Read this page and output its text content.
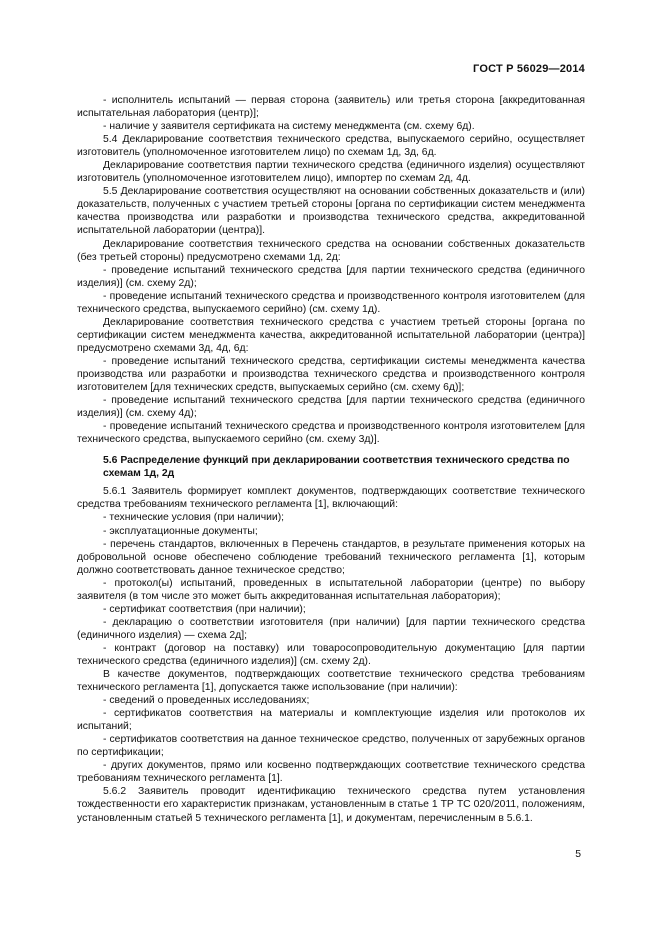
ГОСТ Р 56029—2014

- исполнитель испытаний — первая сторона (заявитель) или третья сторона [аккредитованная испытательная лаборатория (центр)];

- наличие у заявителя сертификата на систему менеджмента (см. схему 6д).

5.4 Декларирование соответствия технического средства, выпускаемого серийно, осуществляет изготовитель (уполномоченное изготовителем лицо) по схемам 1д, 3д, 6д.

Декларирование соответствия партии технического средства (единичного изделия) осуществляют изготовитель (уполномоченное изготовителем лицо), импортер по схемам 2д, 4д.

5.5 Декларирование соответствия осуществляют на основании собственных доказательств и (или) доказательств, полученных с участием третьей стороны [органа по сертификации систем менеджмента качества производства или разработки и производства технического средства, аккредитованной испытательной лаборатории (центра)].

Декларирование соответствия технического средства на основании собственных доказательств (без третьей стороны) предусмотрено схемами 1д, 2д:

- проведение испытаний технического средства [для партии технического средства (единичного изделия)] (см. схему 2д);

- проведение испытаний технического средства и производственного контроля изготовителем (для технического средства, выпускаемого серийно) (см. схему 1д).

Декларирование соответствия технического средства с участием третьей стороны [органа по сертификации систем менеджмента качества, аккредитованной испытательной лаборатории (центра)] предусмотрено схемами 3д, 4д, 6д:

- проведение испытаний технического средства, сертификации системы менеджмента качества производства или разработки и производства технического средства и производственного контроля изготовителем [для технических средств, выпускаемых серийно (см. схему 6д)];

- проведение испытаний технического средства [для партии технического средства (единичного изделия)] (см. схему 4д);

- проведение испытаний технического средства и производственного контроля изготовителем [для технического средства, выпускаемого серийно (см. схему 3д)].

5.6 Распределение функций при декларировании соответствия технического средства по схемам 1д, 2д

5.6.1 Заявитель формирует комплект документов, подтверждающих соответствие технического средства требованиям технического регламента [1], включающий:

- технические условия (при наличии);

- эксплуатационные документы;

- перечень стандартов, включенных в Перечень стандартов, в результате применения которых на добровольной основе обеспечено соблюдение требований технического регламента [1], которым должно соответствовать данное техническое средство;

- протокол(ы) испытаний, проведенных в испытательной лаборатории (центре) по выбору заявителя (в том числе это может быть аккредитованная испытательная лаборатория);

- сертификат соответствия (при наличии);

- декларацию о соответствии изготовителя (при наличии) [для партии технического средства (единичного изделия) — схема 2д];

- контракт (договор на поставку) или товаросопроводительную документацию [для партии технического средства (единичного изделия)] (см. схему 2д).

В качестве документов, подтверждающих соответствие технического средства требованиям технического регламента [1], допускается также использование (при наличии):

- сведений о проведенных исследованиях;

- сертификатов соответствия на материалы и комплектующие изделия или протоколов их испытаний;

- сертификатов соответствия на данное техническое средство, полученных от зарубежных органов по сертификации;

- других документов, прямо или косвенно подтверждающих соответствие технического средства требованиям технического регламента [1].

5.6.2 Заявитель проводит идентификацию технического средства путем установления тождественности его характеристик признакам, установленным в статье 1 ТР ТС 020/2011, положениям, установленным статьей 5 технического регламента [1], и документам, перечисленным в 5.6.1.

5
